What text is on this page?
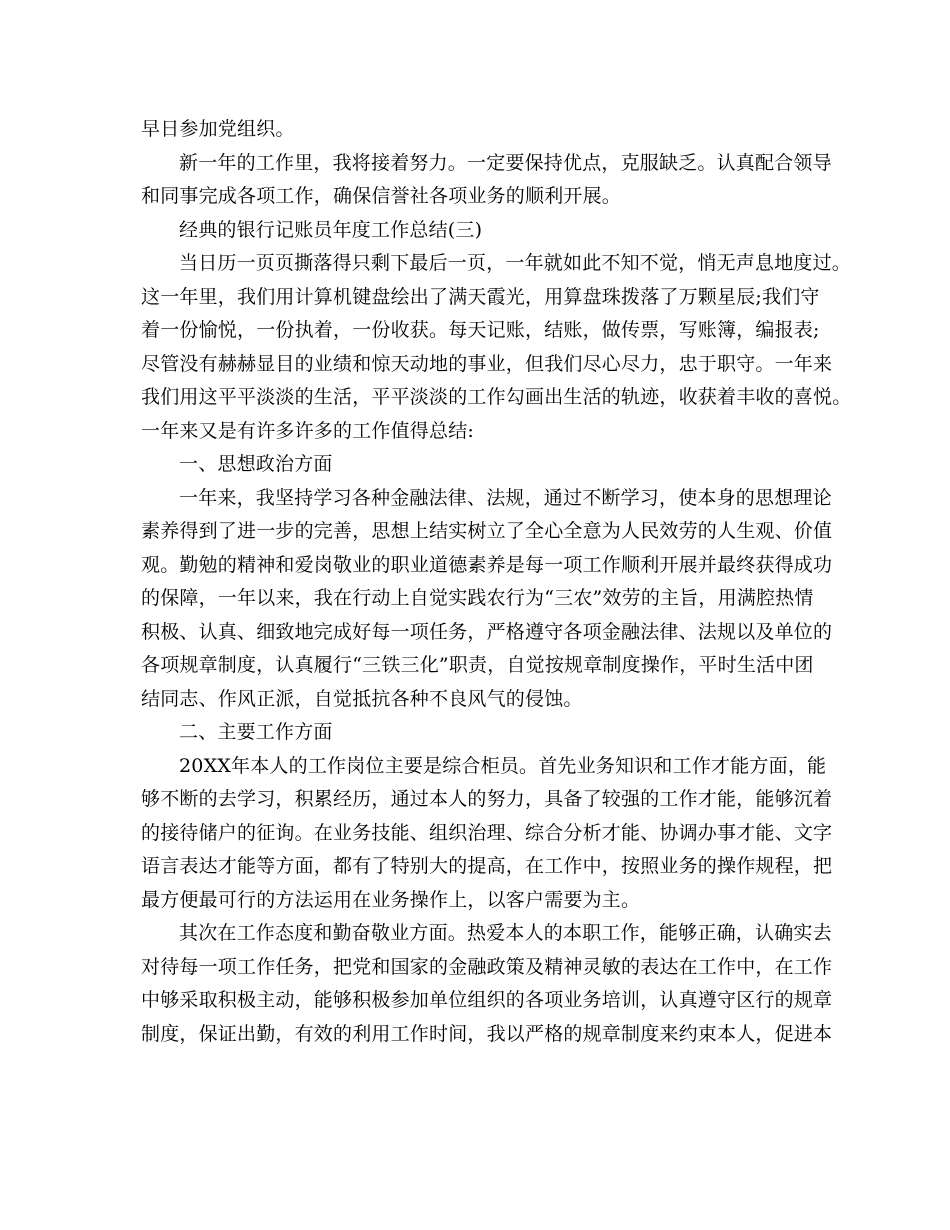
早日参加党组织。
新一年的工作里，我将接着努力。一定要保持优点，克服缺乏。认真配合领导
和同事完成各项工作，确保信誉社各项业务的顺利开展。
经典的银行记账员年度工作总结(三)
当日历一页页撕落得只剩下最后一页，一年就如此不知不觉，悄无声息地度过。
这一年里，我们用计算机键盘绘出了满天霞光，用算盘珠拨落了万颗星辰;我们守
着一份愉悦，一份执着，一份收获。每天记账，结账，做传票，写账簿，编报表;
尽管没有赫赫显目的业绩和惊天动地的事业，但我们尽心尽力，忠于职守。一年来
我们用这平平淡淡的生活，平平淡淡的工作勾画出生活的轨迹，收获着丰收的喜悦。
一年来又是有许多许多的工作值得总结:
一、思想政治方面
一年来，我坚持学习各种金融法律、法规，通过不断学习，使本身的思想理论
素养得到了进一步的完善，思想上结实树立了全心全意为人民效劳的人生观、价值
观。勤勉的精神和爱岗敬业的职业道德素养是每一项工作顺利开展并最终获得成功
的保障，一年以来，我在行动上自觉实践农行为“三农”效劳的主旨，用满腔热情
积极、认真、细致地完成好每一项任务，严格遵守各项金融法律、法规以及单位的
各项规章制度，认真履行“三铁三化”职责，自觉按规章制度操作，平时生活中团
结同志、作风正派，自觉抵抗各种不良风气的侵蚀。
二、主要工作方面
20XX年本人的工作岗位主要是综合柜员。首先业务知识和工作才能方面，能
够不断的去学习，积累经历，通过本人的努力，具备了较强的工作才能，能够沉着
的接待储户的征询。在业务技能、组织治理、综合分析才能、协调办事才能、文字
语言表达才能等方面，都有了特别大的提高，在工作中，按照业务的操作规程，把
最方便最可行的方法运用在业务操作上，以客户需要为主。
其次在工作态度和勤奋敬业方面。热爱本人的本职工作，能够正确，认确实去
对待每一项工作任务，把党和国家的金融政策及精神灵敏的表达在工作中，在工作
中够采取积极主动，能够积极参加单位组织的各项业务培训，认真遵守区行的规章
制度，保证出勤，有效的利用工作时间，我以严格的规章制度来约束本人，促进本
